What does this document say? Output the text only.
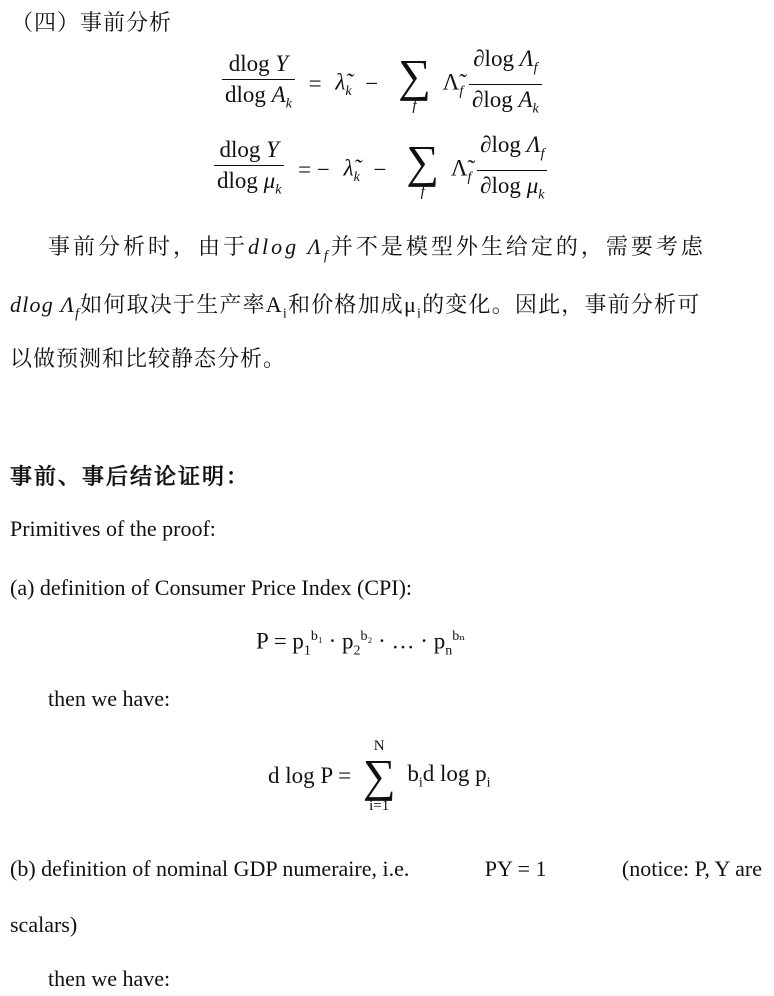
（四）事前分析
$\frac{\text{dlog Y}}{dlog A_k}$ = $\lambdã_k$ − ∑
f
$\Lambdã_f \frac{\partial\log \Lambda_f}{\partial\log A_k}$
$\frac{\text{dlog Y}}{dlog \mu_k}$ = − $\lambdã_k$ − ∑
f
$\Lambdã_f \frac{\partial\log \Lambda_f}{\partial\log \mu_k}$
事前分析时，由于dlog $\Lambda_f$并不是模型外生给定的，需要考虑
dlog $\Lambda_f$如何取决于生产率$A_i$和价格加成$\mu_i$的变化。因此，事前分析可
以做预测和比较静态分析。
事前、事后结论证明：
Primitives of the proof:
(a) definition of Consumer Price Index (CPI):
$P = p_1^{b_1} \cdot p_2^{b_2}$ · … · $p_n^{b_n}$
then we have:
d log P =
N
∑
i=1
$b_id$ $\log p_i$
(b) definition of nominal GDP numeraire, i.e.	PY = 1	(notice: P, Y are
scalars)
then we have:
